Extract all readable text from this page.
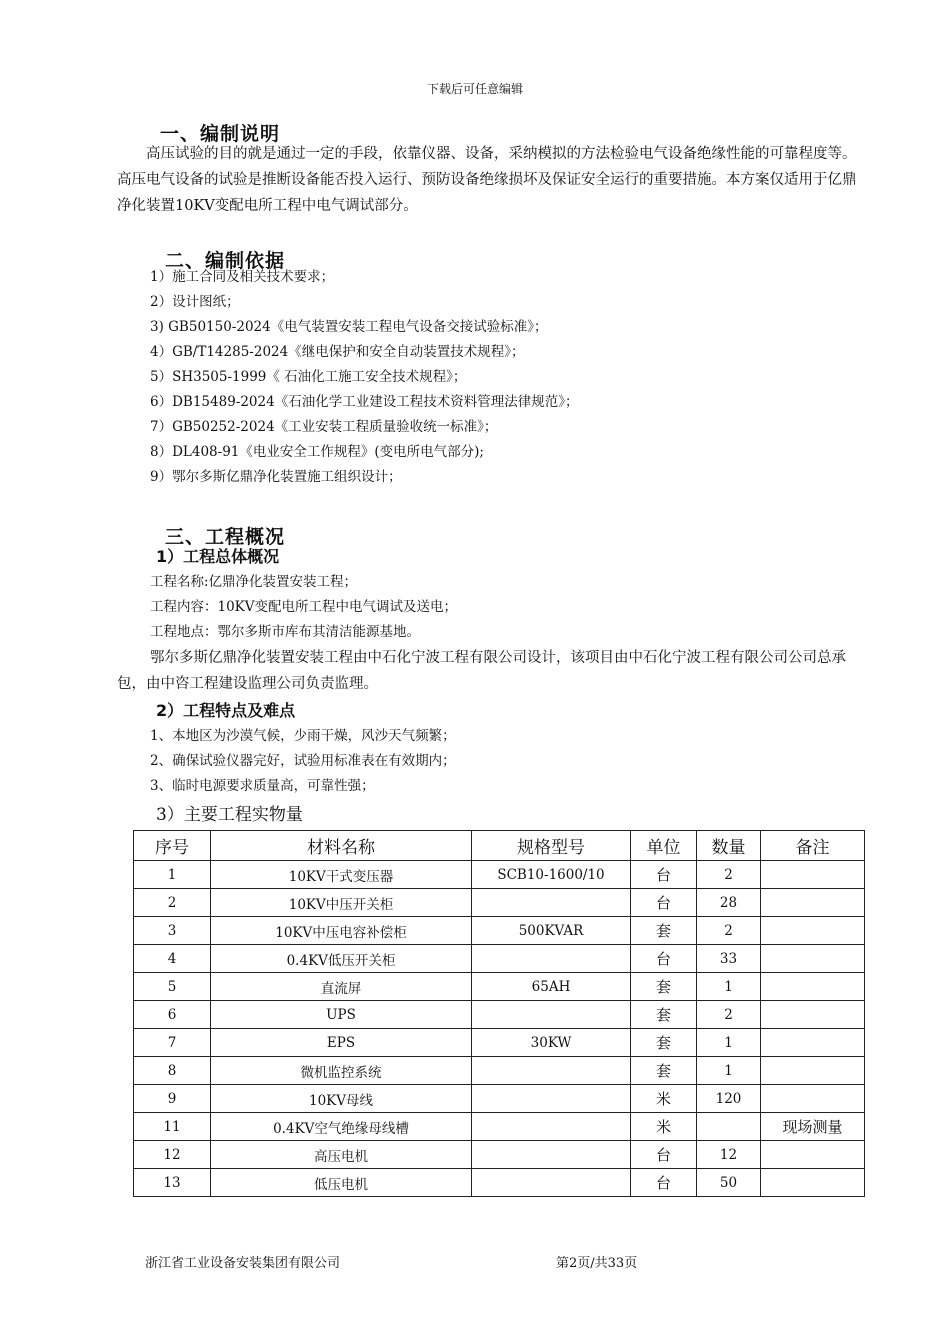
下载后可任意编辑
一、编制说明
高压试验的目的就是通过一定的手段，依靠仪器、设备，采纳模拟的方法检验电气设备绝缘性能的可靠程度等。高压电气设备的试验是推断设备能否投入运行、预防设备绝缘损坏及保证安全运行的重要措施。本方案仅适用于亿鼎净化装置10KV变配电所工程中电气调试部分。
二、编制依据
1）施工合同及相关技术要求；
2）设计图纸；
3) GB50150-2024《电气装置安装工程电气设备交接试验标准》；
4）GB/T14285-2024《继电保护和安全自动装置技术规程》；
5）SH3505-1999《 石油化工施工安全技术规程》；
6）DB15489-2024《石油化学工业建设工程技术资料管理法律规范》；
7）GB50252-2024《工业安装工程质量验收统一标准》；
8）DL408-91《电业安全工作规程》(变电所电气部分);
9）鄂尔多斯亿鼎净化装置施工组织设计；
三、工程概况
1）工程总体概况
工程名称:亿鼎净化装置安装工程；
工程内容：10KV变配电所工程中电气调试及送电；
工程地点：鄂尔多斯市库布其清洁能源基地。
鄂尔多斯亿鼎净化装置安装工程由中石化宁波工程有限公司设计，该项目由中石化宁波工程有限公司公司总承包，由中咨工程建设监理公司负责监理。
2）工程特点及难点
1、本地区为沙漠气候，少雨干燥，风沙天气频繁；
2、确保试验仪器完好，试验用标准表在有效期内；
3、临时电源要求质量高，可靠性强；
3）主要工程实物量
序号	材料名称	规格型号	单位	数量	备注
1	10KV干式变压器	SCB10-1600/10	台	2	
2	10KV中压开关柜		台	28	
3	10KV中压电容补偿柜	500KVAR	套	2	
4	0.4KV低压开关柜		台	33	
5	直流屏	65AH	套	1	
6	UPS		套	2	
7	EPS	30KW	套	1	
8	微机监控系统		套	1	
9	10KV母线		米	120	
11	0.4KV空气绝缘母线槽		米		现场测量
12	高压电机		台	12	
13	低压电机		台	50	
浙江省工业设备安装集团有限公司	第2页/共33页
